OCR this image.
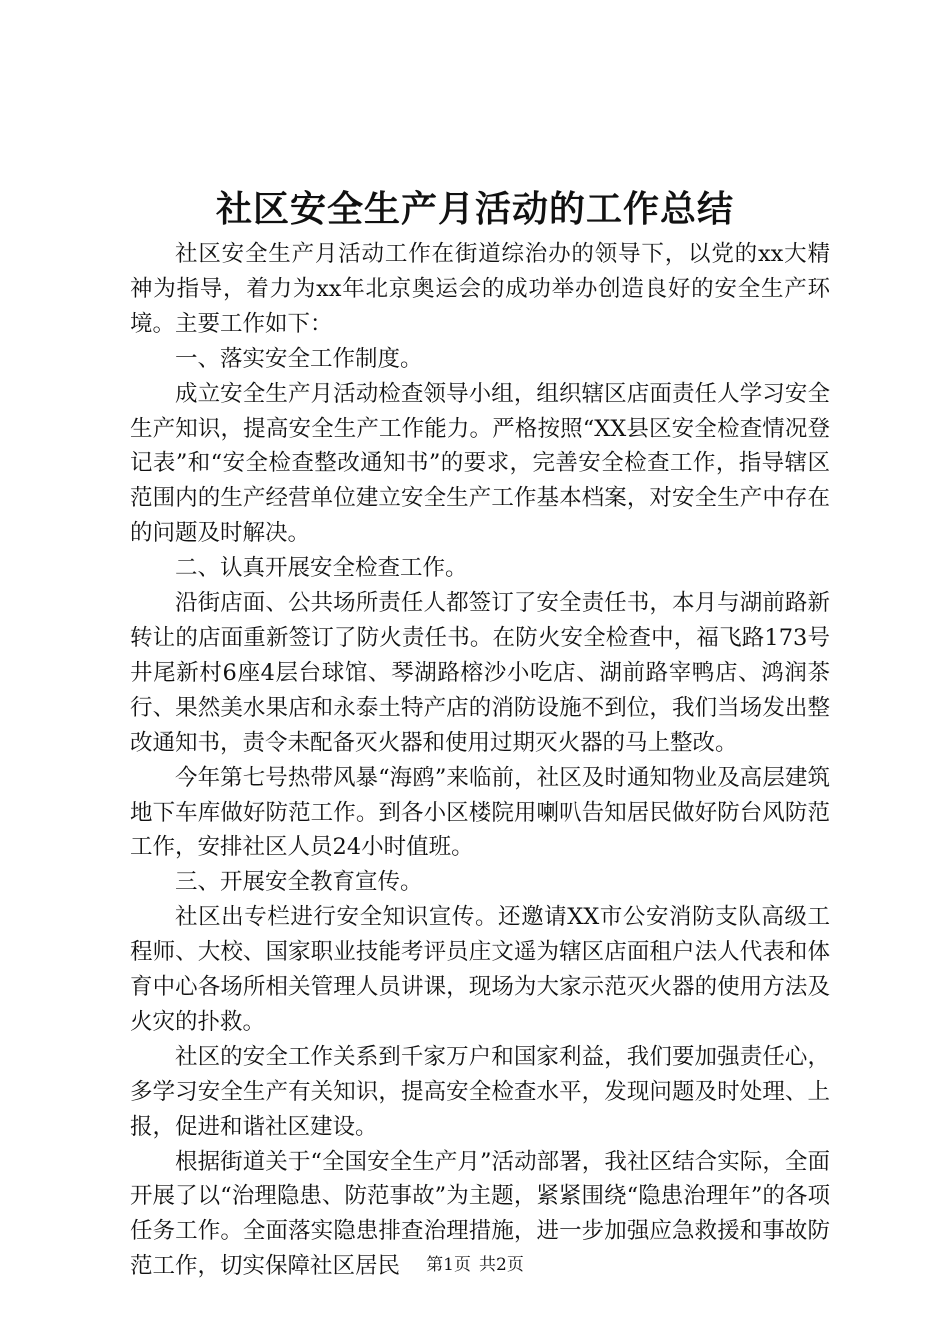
社区安全生产月活动的工作总结

社区安全生产月活动工作在街道综治办的领导下，以党的xx大精神为指导，着力为xx年北京奥运会的成功举办创造良好的安全生产环境。主要工作如下：

一、落实安全工作制度。

成立安全生产月活动检查领导小组，组织辖区店面责任人学习安全生产知识，提高安全生产工作能力。严格按照“XX县区安全检查情况登记表”和“安全检查整改通知书”的要求，完善安全检查工作，指导辖区范围内的生产经营单位建立安全生产工作基本档案，对安全生产中存在的问题及时解决。

二、认真开展安全检查工作。

沿街店面、公共场所责任人都签订了安全责任书，本月与湖前路新转让的店面重新签订了防火责任书。在防火安全检查中，福飞路173号井尾新村6座4层台球馆、琴湖路榕沙小吃店、湖前路宰鸭店、鸿润茶行、果然美水果店和永泰土特产店的消防设施不到位，我们当场发出整改通知书，责令未配备灭火器和使用过期灭火器的马上整改。

今年第七号热带风暴“海鸥”来临前，社区及时通知物业及高层建筑地下车库做好防范工作。到各小区楼院用喇叭告知居民做好防台风防范工作，安排社区人员24小时值班。

三、开展安全教育宣传。

社区出专栏进行安全知识宣传。还邀请XX市公安消防支队高级工程师、大校、国家职业技能考评员庄文遥为辖区店面租户法人代表和体育中心各场所相关管理人员讲课，现场为大家示范灭火器的使用方法及火灾的扑救。

社区的安全工作关系到千家万户和国家利益，我们要加强责任心，多学习安全生产有关知识，提高安全检查水平，发现问题及时处理、上报，促进和谐社区建设。

根据街道关于“全国安全生产月”活动部署，我社区结合实际，全面开展了以“治理隐患、防范事故”为主题，紧紧围绕“隐患治理年”的各项任务工作。全面落实隐患排查治理措施，进一步加强应急救援和事故防范工作，切实保障社区居民	第1页 共2页
